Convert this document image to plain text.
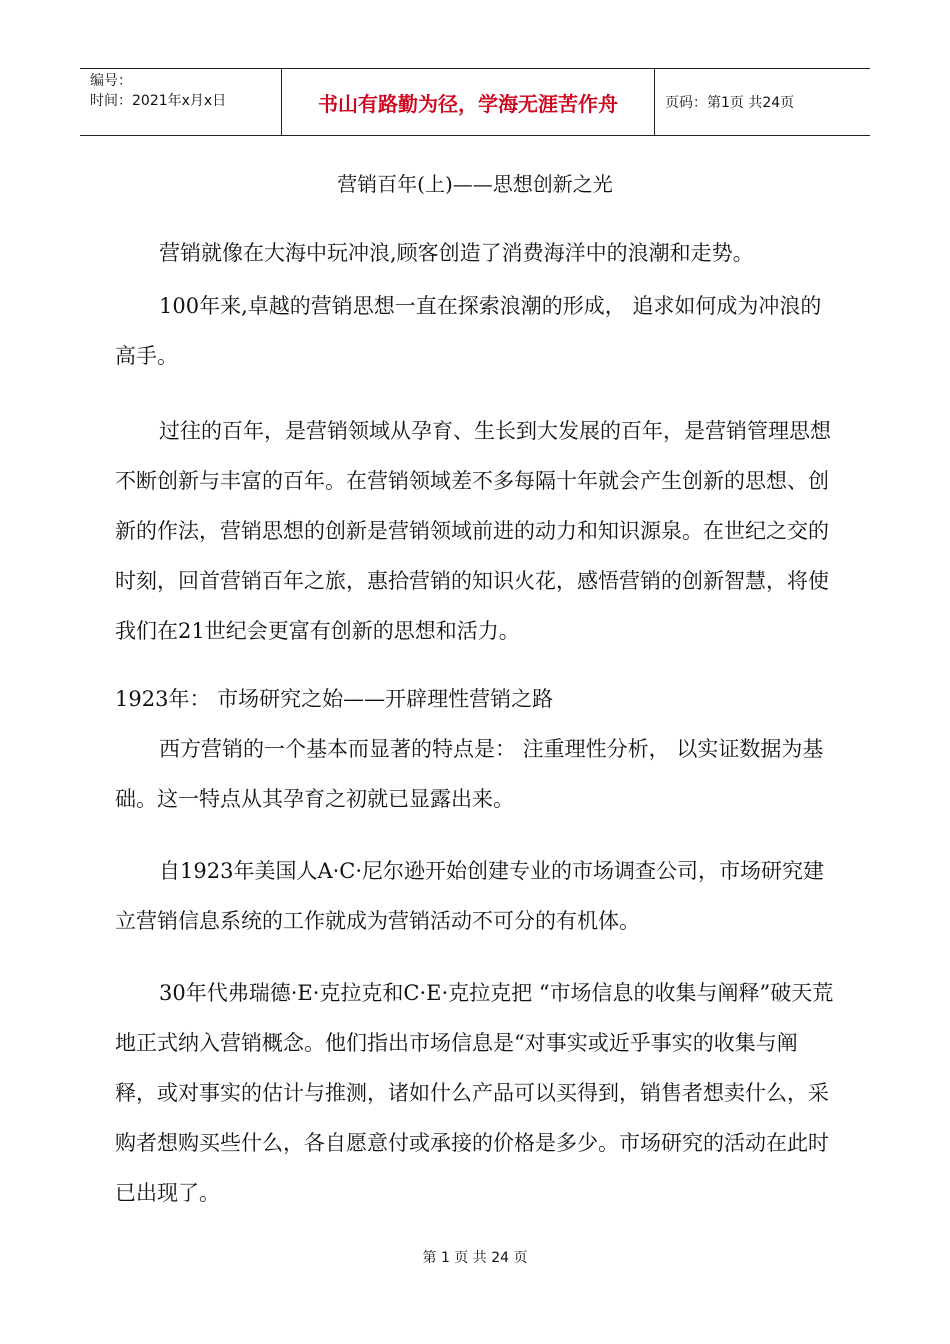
编号：
时间：2021年x月x日	书山有路勤为径，学海无涯苦作舟	页码：第1页 共24页
营销百年(上)——思想创新之光

营销就像在大海中玩冲浪,顾客创造了消费海洋中的浪潮和走势。

100年来,卓越的营销思想一直在探索浪潮的形成， 追求如何成为冲浪的高手。

过往的百年，是营销领域从孕育、生长到大发展的百年，是营销管理思想不断创新与丰富的百年。在营销领域差不多每隔十年就会产生创新的思想、创新的作法，营销思想的创新是营销领域前进的动力和知识源泉。在世纪之交的时刻，回首营销百年之旅，惠拾营销的知识火花，感悟营销的创新智慧，将使我们在21世纪会更富有创新的思想和活力。

1923年： 市场研究之始——开辟理性营销之路

西方营销的一个基本而显著的特点是： 注重理性分析， 以实证数据为基础。这一特点从其孕育之初就已显露出来。

自1923年美国人A·C·尼尔逊开始创建专业的市场调查公司，市场研究建立营销信息系统的工作就成为营销活动不可分的有机体。

30年代弗瑞德·E·克拉克和C·E·克拉克把 “市场信息的收集与阐释”破天荒地正式纳入营销概念。他们指出市场信息是“对事实或近乎事实的收集与阐释，或对事实的估计与推测，诸如什么产品可以买得到，销售者想卖什么，采购者想购买些什么，各自愿意付或承接的价格是多少。市场研究的活动在此时已出现了。

第 1 页 共 24 页
